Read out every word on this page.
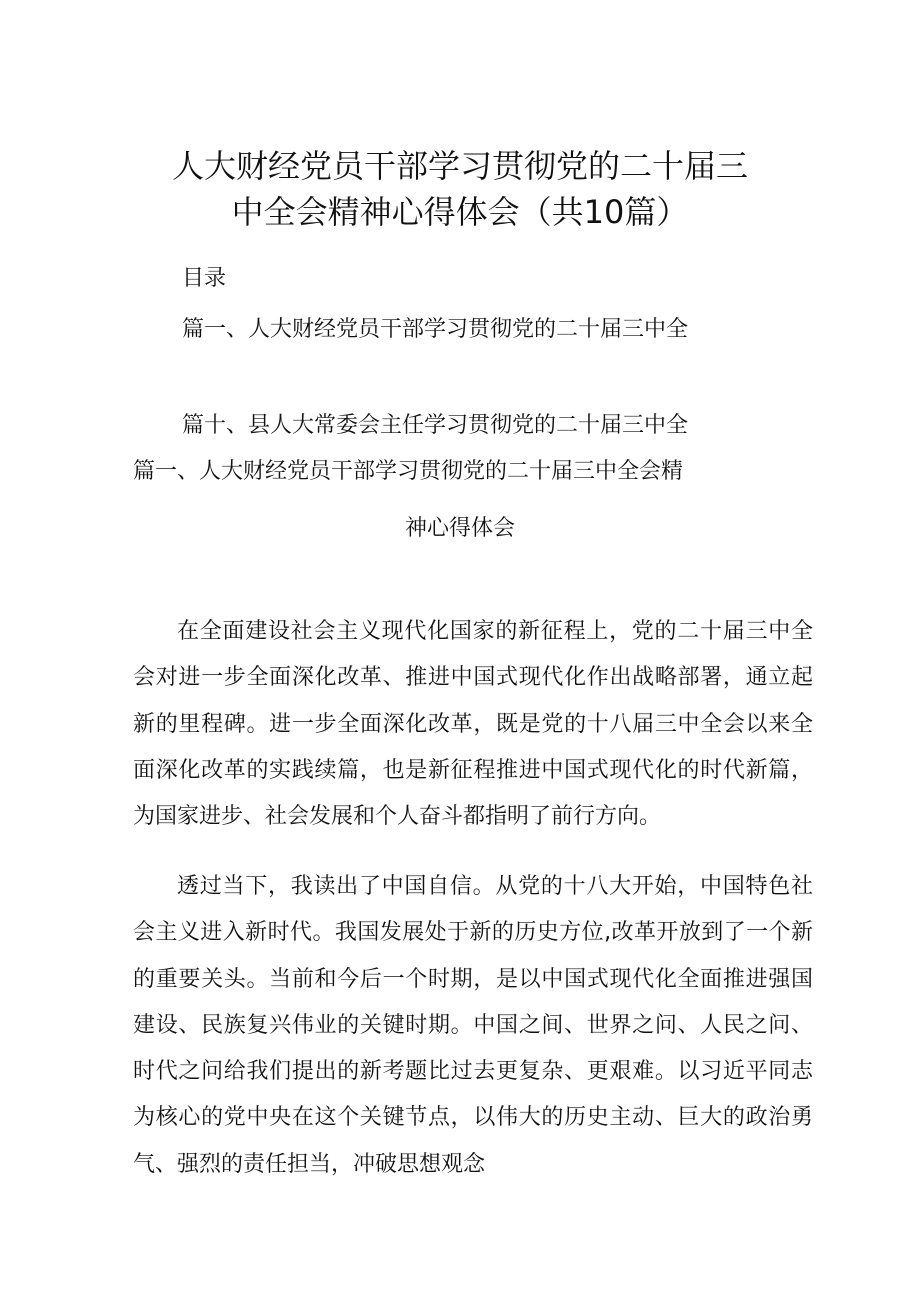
人大财经党员干部学习贯彻党的二十届三
中全会精神心得体会（共10篇）
目录
篇一、人大财经党员干部学习贯彻党的二十届三中全
篇十、县人大常委会主任学习贯彻党的二十届三中全
篇一、人大财经党员干部学习贯彻党的二十届三中全会精
神心得体会

在全面建设社会主义现代化国家的新征程上，党的二十届三中全会对进一步全面深化改革、推进中国式现代化作出战略部署，通立起新的里程碑。进一步全面深化改革，既是党的十八届三中全会以来全面深化改革的实践续篇，也是新征程推进中国式现代化的时代新篇，为国家进步、社会发展和个人奋斗都指明了前行方向。

透过当下，我读出了中国自信。从党的十八大开始，中国特色社会主义进入新时代。我国发展处于新的历史方位,改革开放到了一个新的重要关头。当前和今后一个时期，是以中国式现代化全面推进强国建设、民族复兴伟业的关键时期。中国之间、世界之问、人民之问、时代之问给我们提出的新考题比过去更复杂、更艰难。以习近平同志为核心的党中央在这个关键节点，以伟大的历史主动、巨大的政治勇气、强烈的责任担当，冲破思想观念
